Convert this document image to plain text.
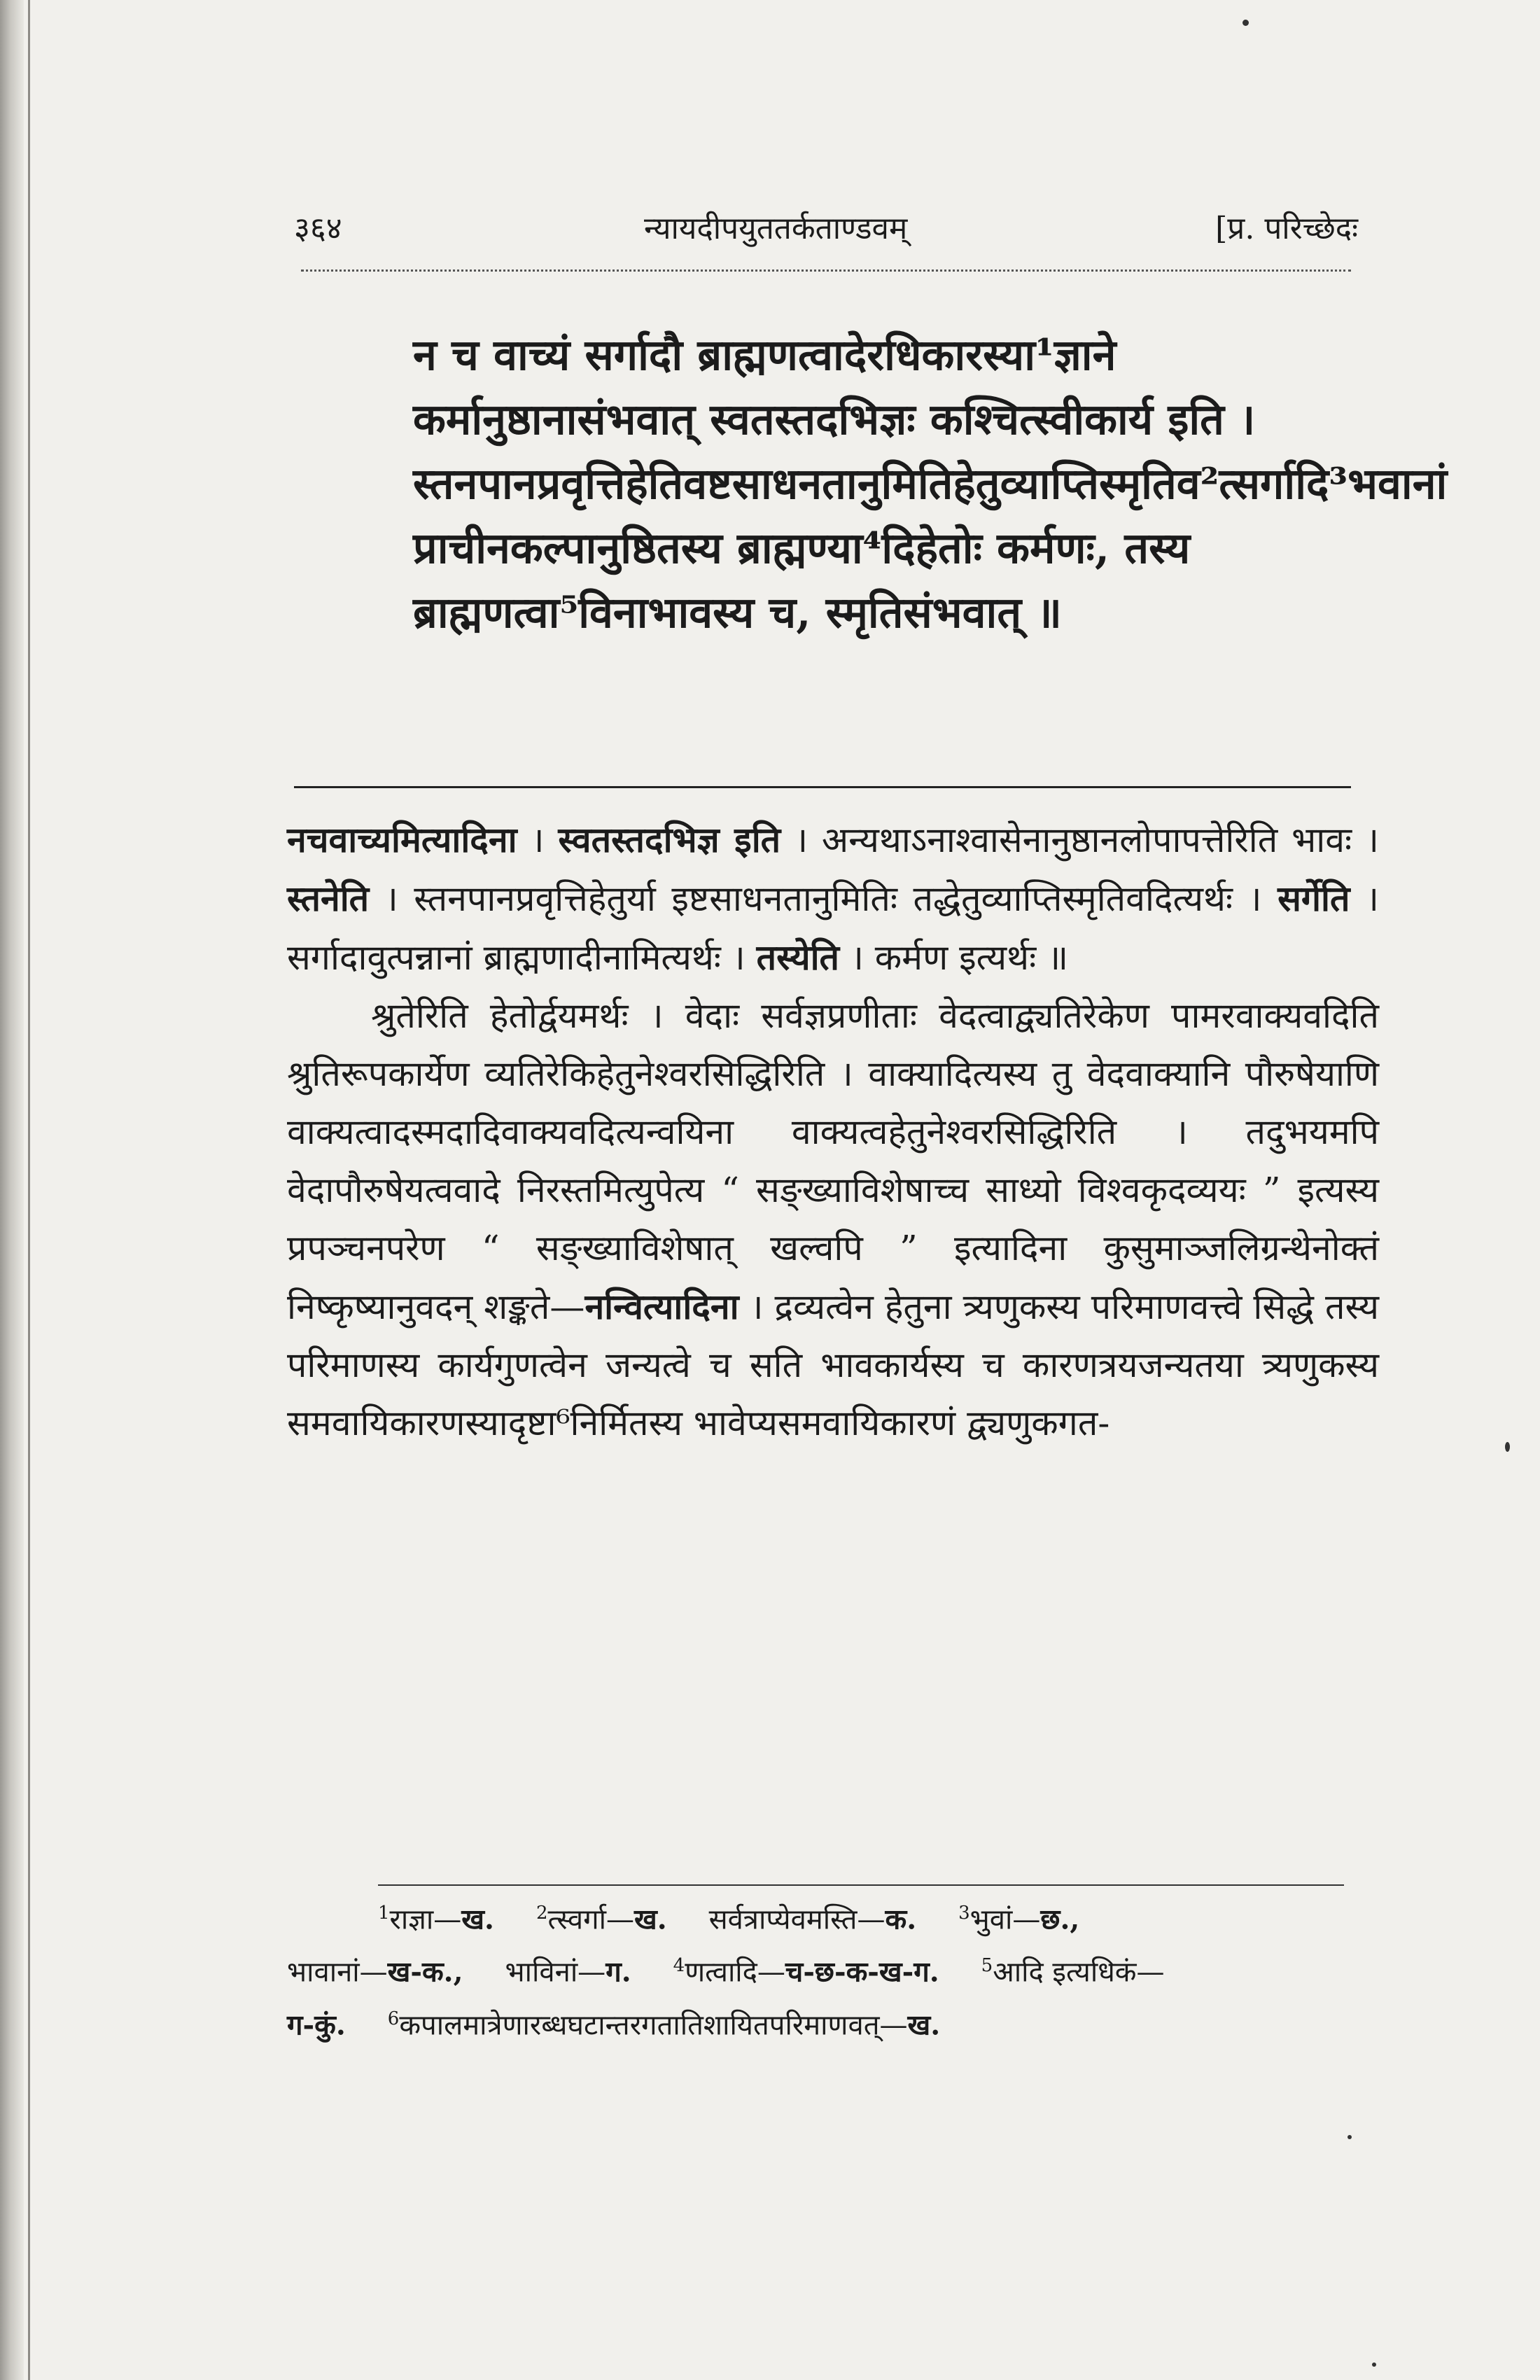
३६४	न्यायदीपयुततर्कताण्डवम्	[प्र. परिच्छेदः

न च वाच्यं सर्गादौ ब्राह्मणत्वादेरधिकारस्या¹ज्ञाने कर्मानुष्ठानासंभवात् स्वतस्तदभिज्ञः कश्चित्स्वीकार्य इति । स्तनपानप्रवृत्तिहेतिवष्टसाधनतानुमितिहेतुव्याप्तिस्मृतिव²त्सर्गादि³भवानां प्राचीनकल्पानुष्ठितस्य ब्राह्मण्या⁴दिहेतोः कर्मणः, तस्य ब्राह्मणत्वा⁵विनाभावस्य च, स्मृतिसंभवात् ॥

नचवाच्यमित्यादिना । स्वतस्तदभिज्ञ इति । अन्यथाऽनाश्वासेनानुष्ठानलोपापत्तेरिति भावः । स्तनेति । स्तनपानप्रवृत्तिहेतुर्या इष्टसाधनतानुमितिः तद्धेतुव्याप्तिस्मृतिवदित्यर्थः । सर्गेति । सर्गादावुत्पन्नानां ब्राह्मणादीनामित्यर्थः । तस्येति । कर्मण इत्यर्थः ॥

श्रुतेरिति हेतोर्द्वयमर्थः । वेदाः सर्वज्ञप्रणीताः वेदत्वाद्व्यतिरेकेण पामरवाक्यवदिति श्रुतिरूपकार्येण व्यतिरेकिहेतुनेश्वरसिद्धिरिति । वाक्यादित्यस्य तु वेदवाक्यानि पौरुषेयाणि वाक्यत्वादस्मदादिवाक्यवदित्यन्वयिना वाक्यत्वहेतुनेश्वरसिद्धिरिति । तदुभयमपि वेदापौरुषेयत्ववादे निरस्तमित्युपेत्य “ सङ्ख्याविशेषाच्च साध्यो विश्वकृदव्ययः ” इत्यस्य प्रपञ्चनपरेण “ सङ्ख्याविशेषात् खल्वपि ” इत्यादिना कुसुमाञ्जलिग्रन्थेनोक्तं निष्कृष्यानुवदन् शङ्कते—नन्वित्यादिना । द्रव्यत्वेन हेतुना त्र्यणुकस्य परिमाणवत्त्वे सिद्धे तस्य परिमाणस्य कार्यगुणत्वेन जन्यत्वे च सति भावकार्यस्य च कारणत्रयजन्यतया त्र्यणुकस्य समवायिकारणस्यादृष्टा⁶निर्मितस्य भावेप्यसमवायिकारणं द्व्यणुकगत-

$^1$राज्ञा—ख. $^2$त्स्वर्गा—ख. सर्वत्राप्येवमस्ति—क. $^3$भुवां—छ.,
भावानां—ख-क., भाविनां—ग. $^4$णत्वादि—च-छ-क-ख-ग. $^5$आदि इत्यधिकं—
ग-कुं. $^6$कपालमात्रेणारब्धघटान्तरगतातिशायितपरिमाणवत्—ख.
